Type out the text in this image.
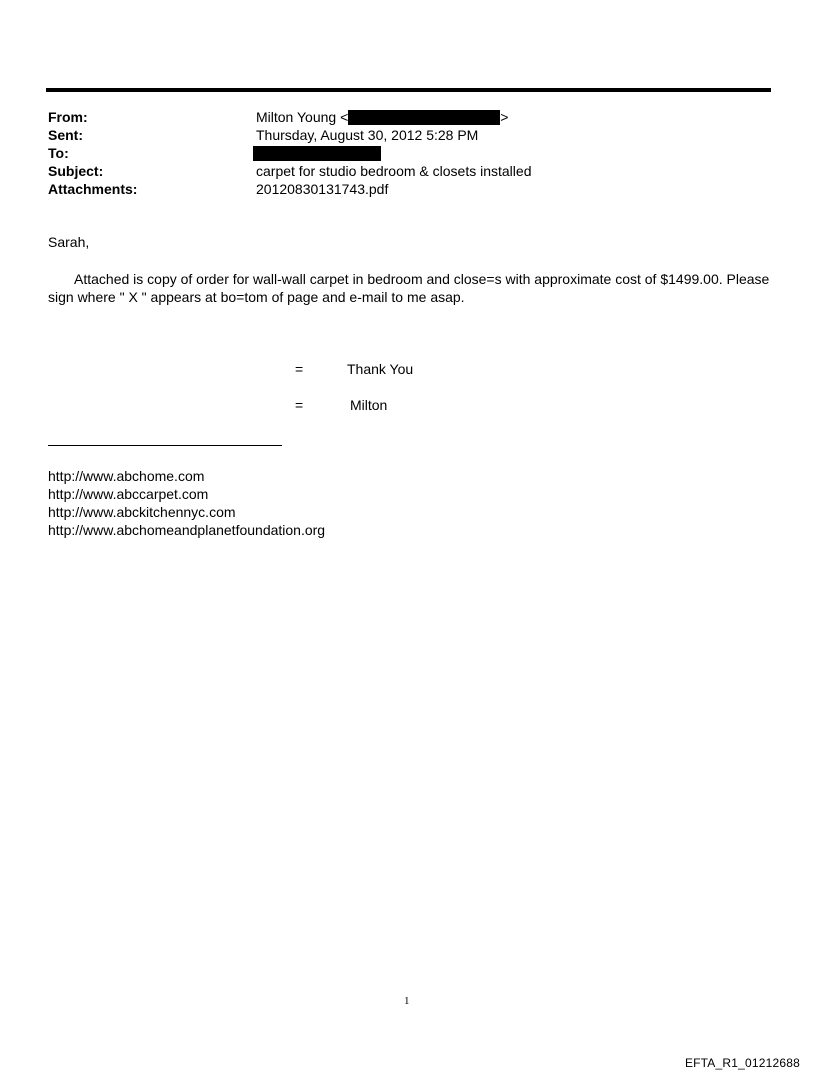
From:	Milton Young <	>
Sent:	Thursday, August 30, 2012 5:28 PM
To:
Subject:	carpet for studio bedroom & closets installed
Attachments:	20120830131743.pdf
Sarah,
Attached is copy of order for wall-wall carpet in bedroom and close=s with approximate cost of $1499.00. Please
sign where " X " appears at bo=tom of page and e-mail to me asap.
=	Thank You
=	Milton
http://www.abchome.com
http://www.abccarpet.com
http://www.abckitchennyc.com
http://www.abchomeandplanetfoundation.org
1
EFTA_R1_01212688
